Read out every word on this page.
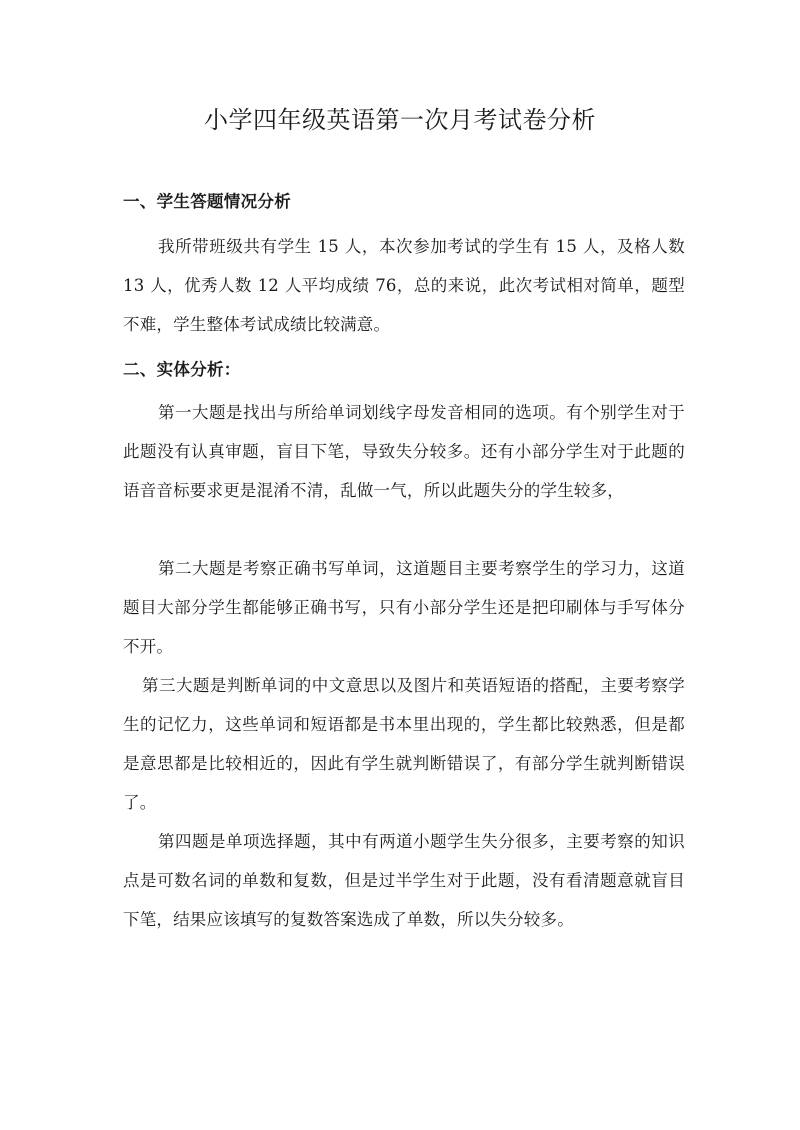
小学四年级英语第一次月考试卷分析
一、学生答题情况分析
我所带班级共有学生 15 人，本次参加考试的学生有 15 人，及格人数 13 人，优秀人数 12 人平均成绩 76，总的来说，此次考试相对简单，题型不难，学生整体考试成绩比较满意。
二、实体分析：
第一大题是找出与所给单词划线字母发音相同的选项。有个别学生对于此题没有认真审题，盲目下笔，导致失分较多。还有小部分学生对于此题的语音音标要求更是混淆不清，乱做一气，所以此题失分的学生较多，
第二大题是考察正确书写单词，这道题目主要考察学生的学习力，这道题目大部分学生都能够正确书写，只有小部分学生还是把印刷体与手写体分不开。
第三大题是判断单词的中文意思以及图片和英语短语的搭配，主要考察学生的记忆力，这些单词和短语都是书本里出现的，学生都比较熟悉，但是都是意思都是比较相近的，因此有学生就判断错误了，有部分学生就判断错误了。
第四题是单项选择题，其中有两道小题学生失分很多，主要考察的知识点是可数名词的单数和复数，但是过半学生对于此题，没有看清题意就盲目下笔，结果应该填写的复数答案选成了单数，所以失分较多。
